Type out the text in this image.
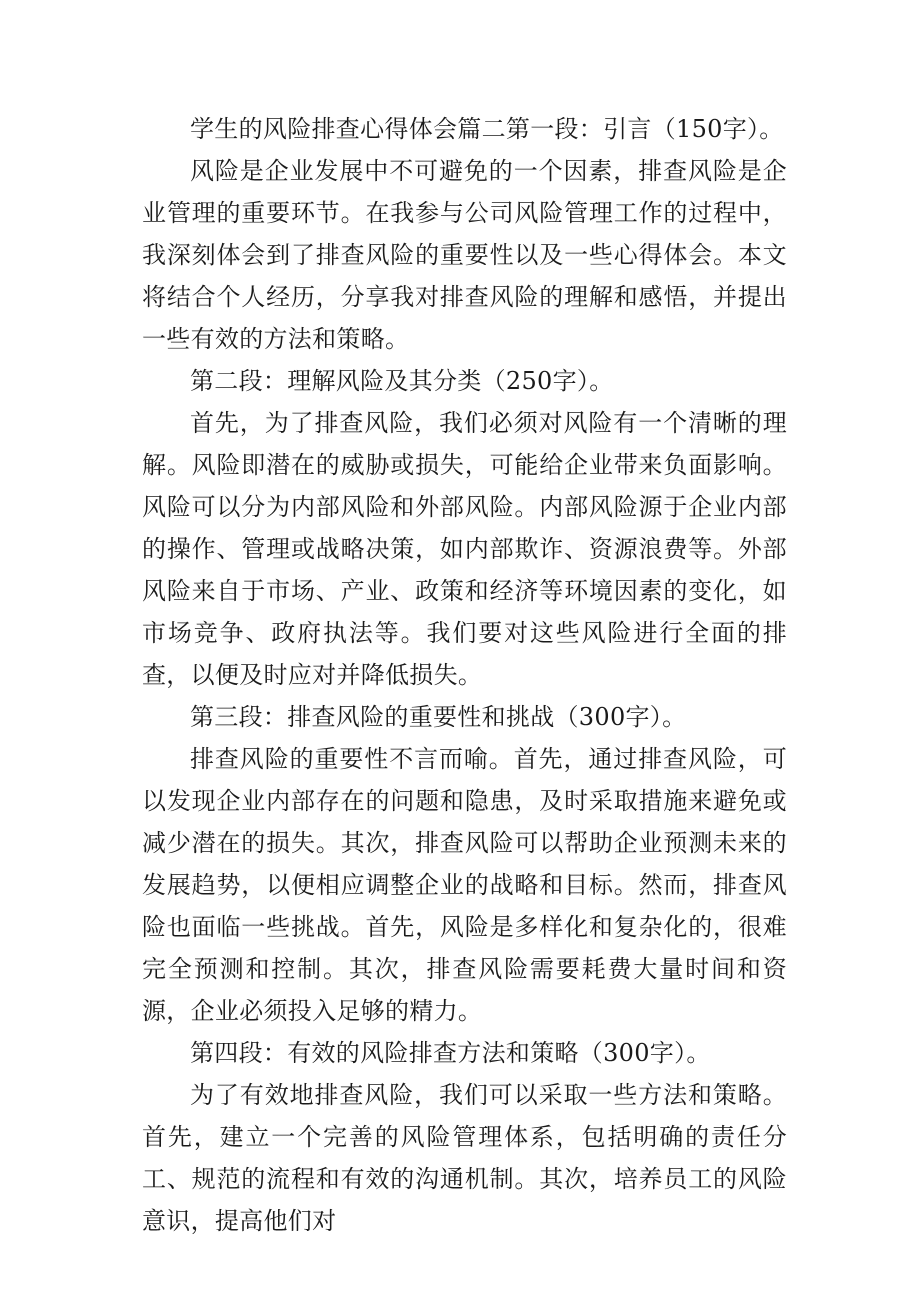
学生的风险排查心得体会篇二第一段：引言（150字）。

风险是企业发展中不可避免的一个因素，排查风险是企业管理的重要环节。在我参与公司风险管理工作的过程中，我深刻体会到了排查风险的重要性以及一些心得体会。本文将结合个人经历，分享我对排查风险的理解和感悟，并提出一些有效的方法和策略。

第二段：理解风险及其分类（250字）。

首先，为了排查风险，我们必须对风险有一个清晰的理解。风险即潜在的威胁或损失，可能给企业带来负面影响。风险可以分为内部风险和外部风险。内部风险源于企业内部的操作、管理或战略决策，如内部欺诈、资源浪费等。外部风险来自于市场、产业、政策和经济等环境因素的变化，如市场竞争、政府执法等。我们要对这些风险进行全面的排查，以便及时应对并降低损失。

第三段：排查风险的重要性和挑战（300字）。

排查风险的重要性不言而喻。首先，通过排查风险，可以发现企业内部存在的问题和隐患，及时采取措施来避免或减少潜在的损失。其次，排查风险可以帮助企业预测未来的发展趋势，以便相应调整企业的战略和目标。然而，排查风险也面临一些挑战。首先，风险是多样化和复杂化的，很难完全预测和控制。其次，排查风险需要耗费大量时间和资源，企业必须投入足够的精力。

第四段：有效的风险排查方法和策略（300字）。

为了有效地排查风险，我们可以采取一些方法和策略。首先，建立一个完善的风险管理体系，包括明确的责任分工、规范的流程和有效的沟通机制。其次，培养员工的风险意识，提高他们对
